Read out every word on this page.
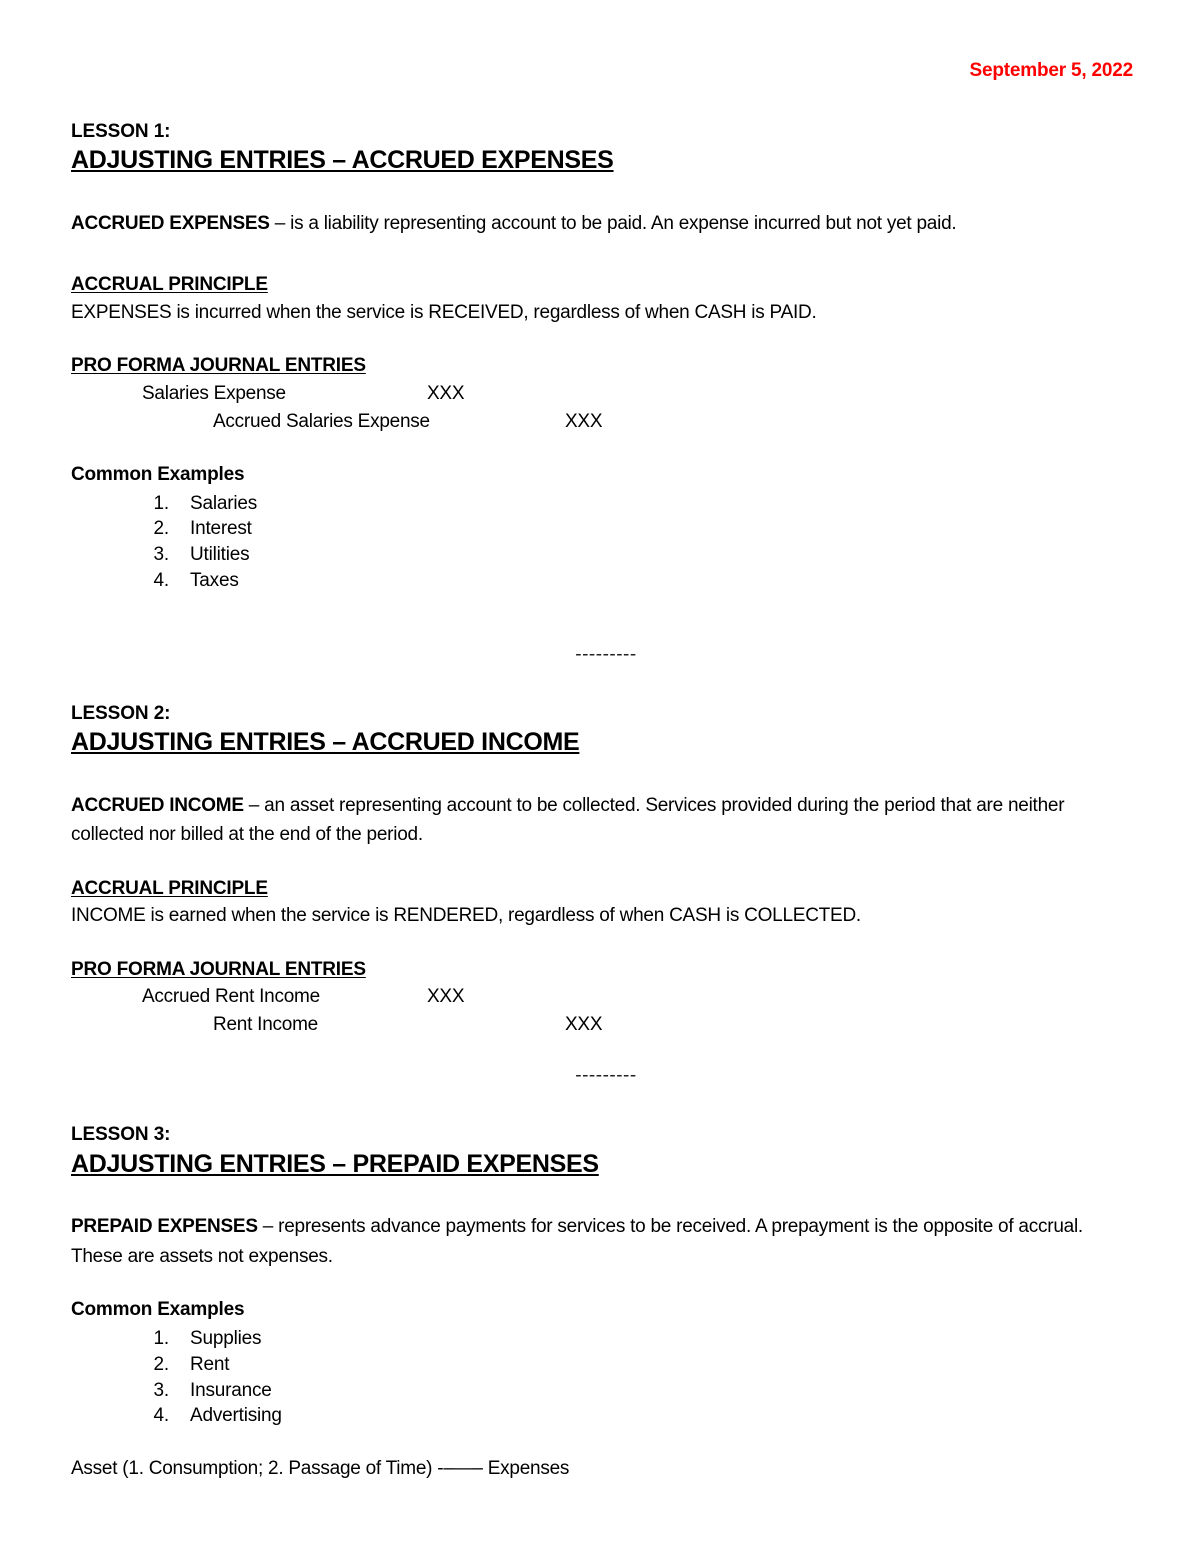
September 5, 2022
LESSON 1:
ADJUSTING ENTRIES – ACCRUED EXPENSES

ACCRUED EXPENSES – is a liability representing account to be paid. An expense incurred but not yet paid.

ACCRUAL PRINCIPLE

EXPENSES is incurred when the service is RECEIVED, regardless of when CASH is PAID.

PRO FORMA JOURNAL ENTRIES
Salaries Expense	XXX
Accrued Salaries Expense	XXX
Common Examples
1. Salaries
2. Interest
3. Utilities
4. Taxes
---------
LESSON 2:
ADJUSTING ENTRIES – ACCRUED INCOME

ACCRUED INCOME – an asset representing account to be collected. Services provided during the period that are neither collected nor billed at the end of the period.

ACCRUAL PRINCIPLE

INCOME is earned when the service is RENDERED, regardless of when CASH is COLLECTED.

PRO FORMA JOURNAL ENTRIES
Accrued Rent Income	XXX
Rent Income	XXX
---------
LESSON 3:
ADJUSTING ENTRIES – PREPAID EXPENSES

PREPAID EXPENSES – represents advance payments for services to be received. A prepayment is the opposite of accrual. These are assets not expenses.

Common Examples
1. Supplies
2. Rent
3. Insurance
4. Advertising

Asset (1. Consumption; 2. Passage of Time) -–—– Expenses
